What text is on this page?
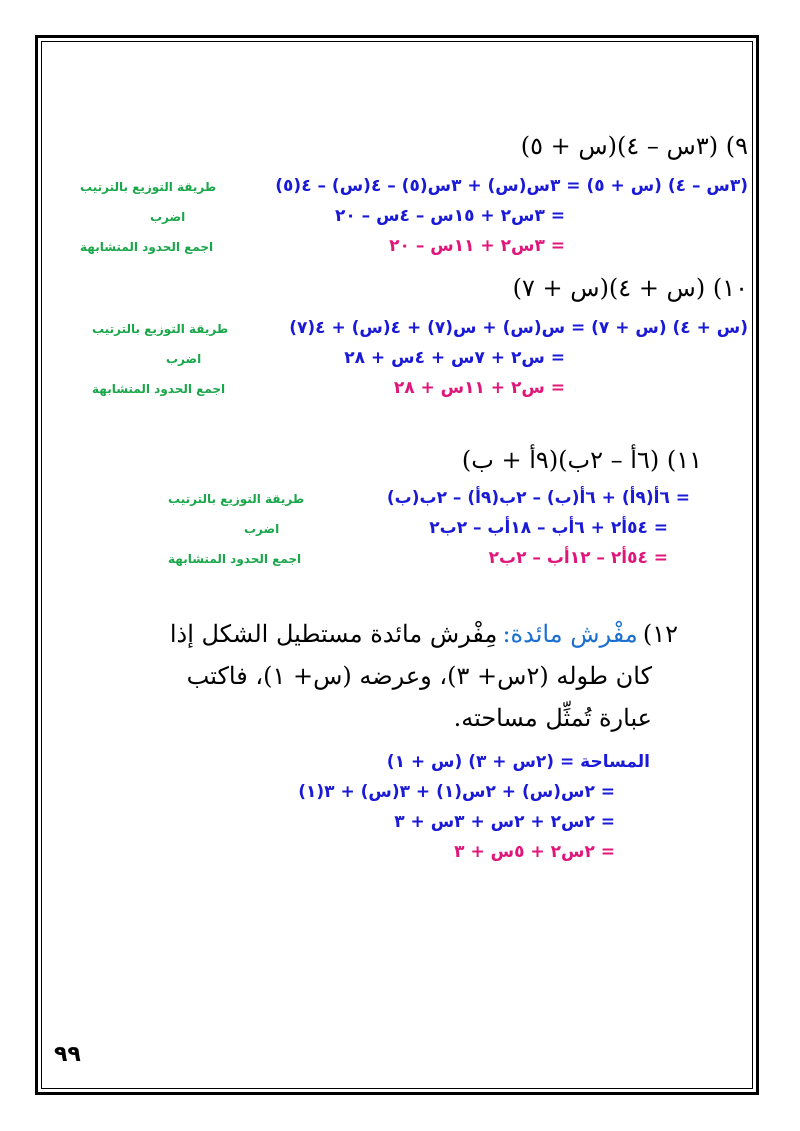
٩) (٣س – ٤)(س + ٥)
(٣س – ٤) (س + ٥) = ٣س(س) + ٣س(٥) – ٤(س) – ٤(٥)
طريقة التوزيع بالترتيب
= ٣س٢ + ١٥س – ٤س – ٢٠
اضرب
= ٣س٢ + ١١س – ٢٠
اجمع الحدود المتشابهة
١٠) (س + ٤)(س + ٧)
(س + ٤) (س + ٧) = س(س) + س(٧) + ٤(س) + ٤(٧)
طريقة التوزيع بالترتيب
= س٢ + ٧س + ٤س + ٢٨
اضرب
= س٢ + ١١س + ٢٨
اجمع الحدود المتشابهة
١١) (٦أ – ٢ب)(٩أ + ب)
= ٦أ(٩أ) + ٦أ(ب) – ٢ب(٩أ) – ٢ب(ب)
طريقة التوزيع بالترتيب
= ٥٤أ٢ + ٦أب – ١٨أب – ٢ب٢
اضرب
= ٥٤أ٢ – ١٢أب – ٢ب٢
اجمع الحدود المتشابهة
١٢) مفْرش مائدة: مِفْرش مائدة مستطيل الشكل إذا
كان طوله (٢س+ ٣)، وعرضه (س+ ١)، فاكتب
عبارة تُمثِّل مساحته.
المساحة = (٢س + ٣) (س + ١)
= ٢س(س) + ٢س(١) + ٣(س) + ٣(١)
= ٢س٢ + ٢س + ٣س + ٣
= ٢س٢ + ٥س + ٣
٩٩
